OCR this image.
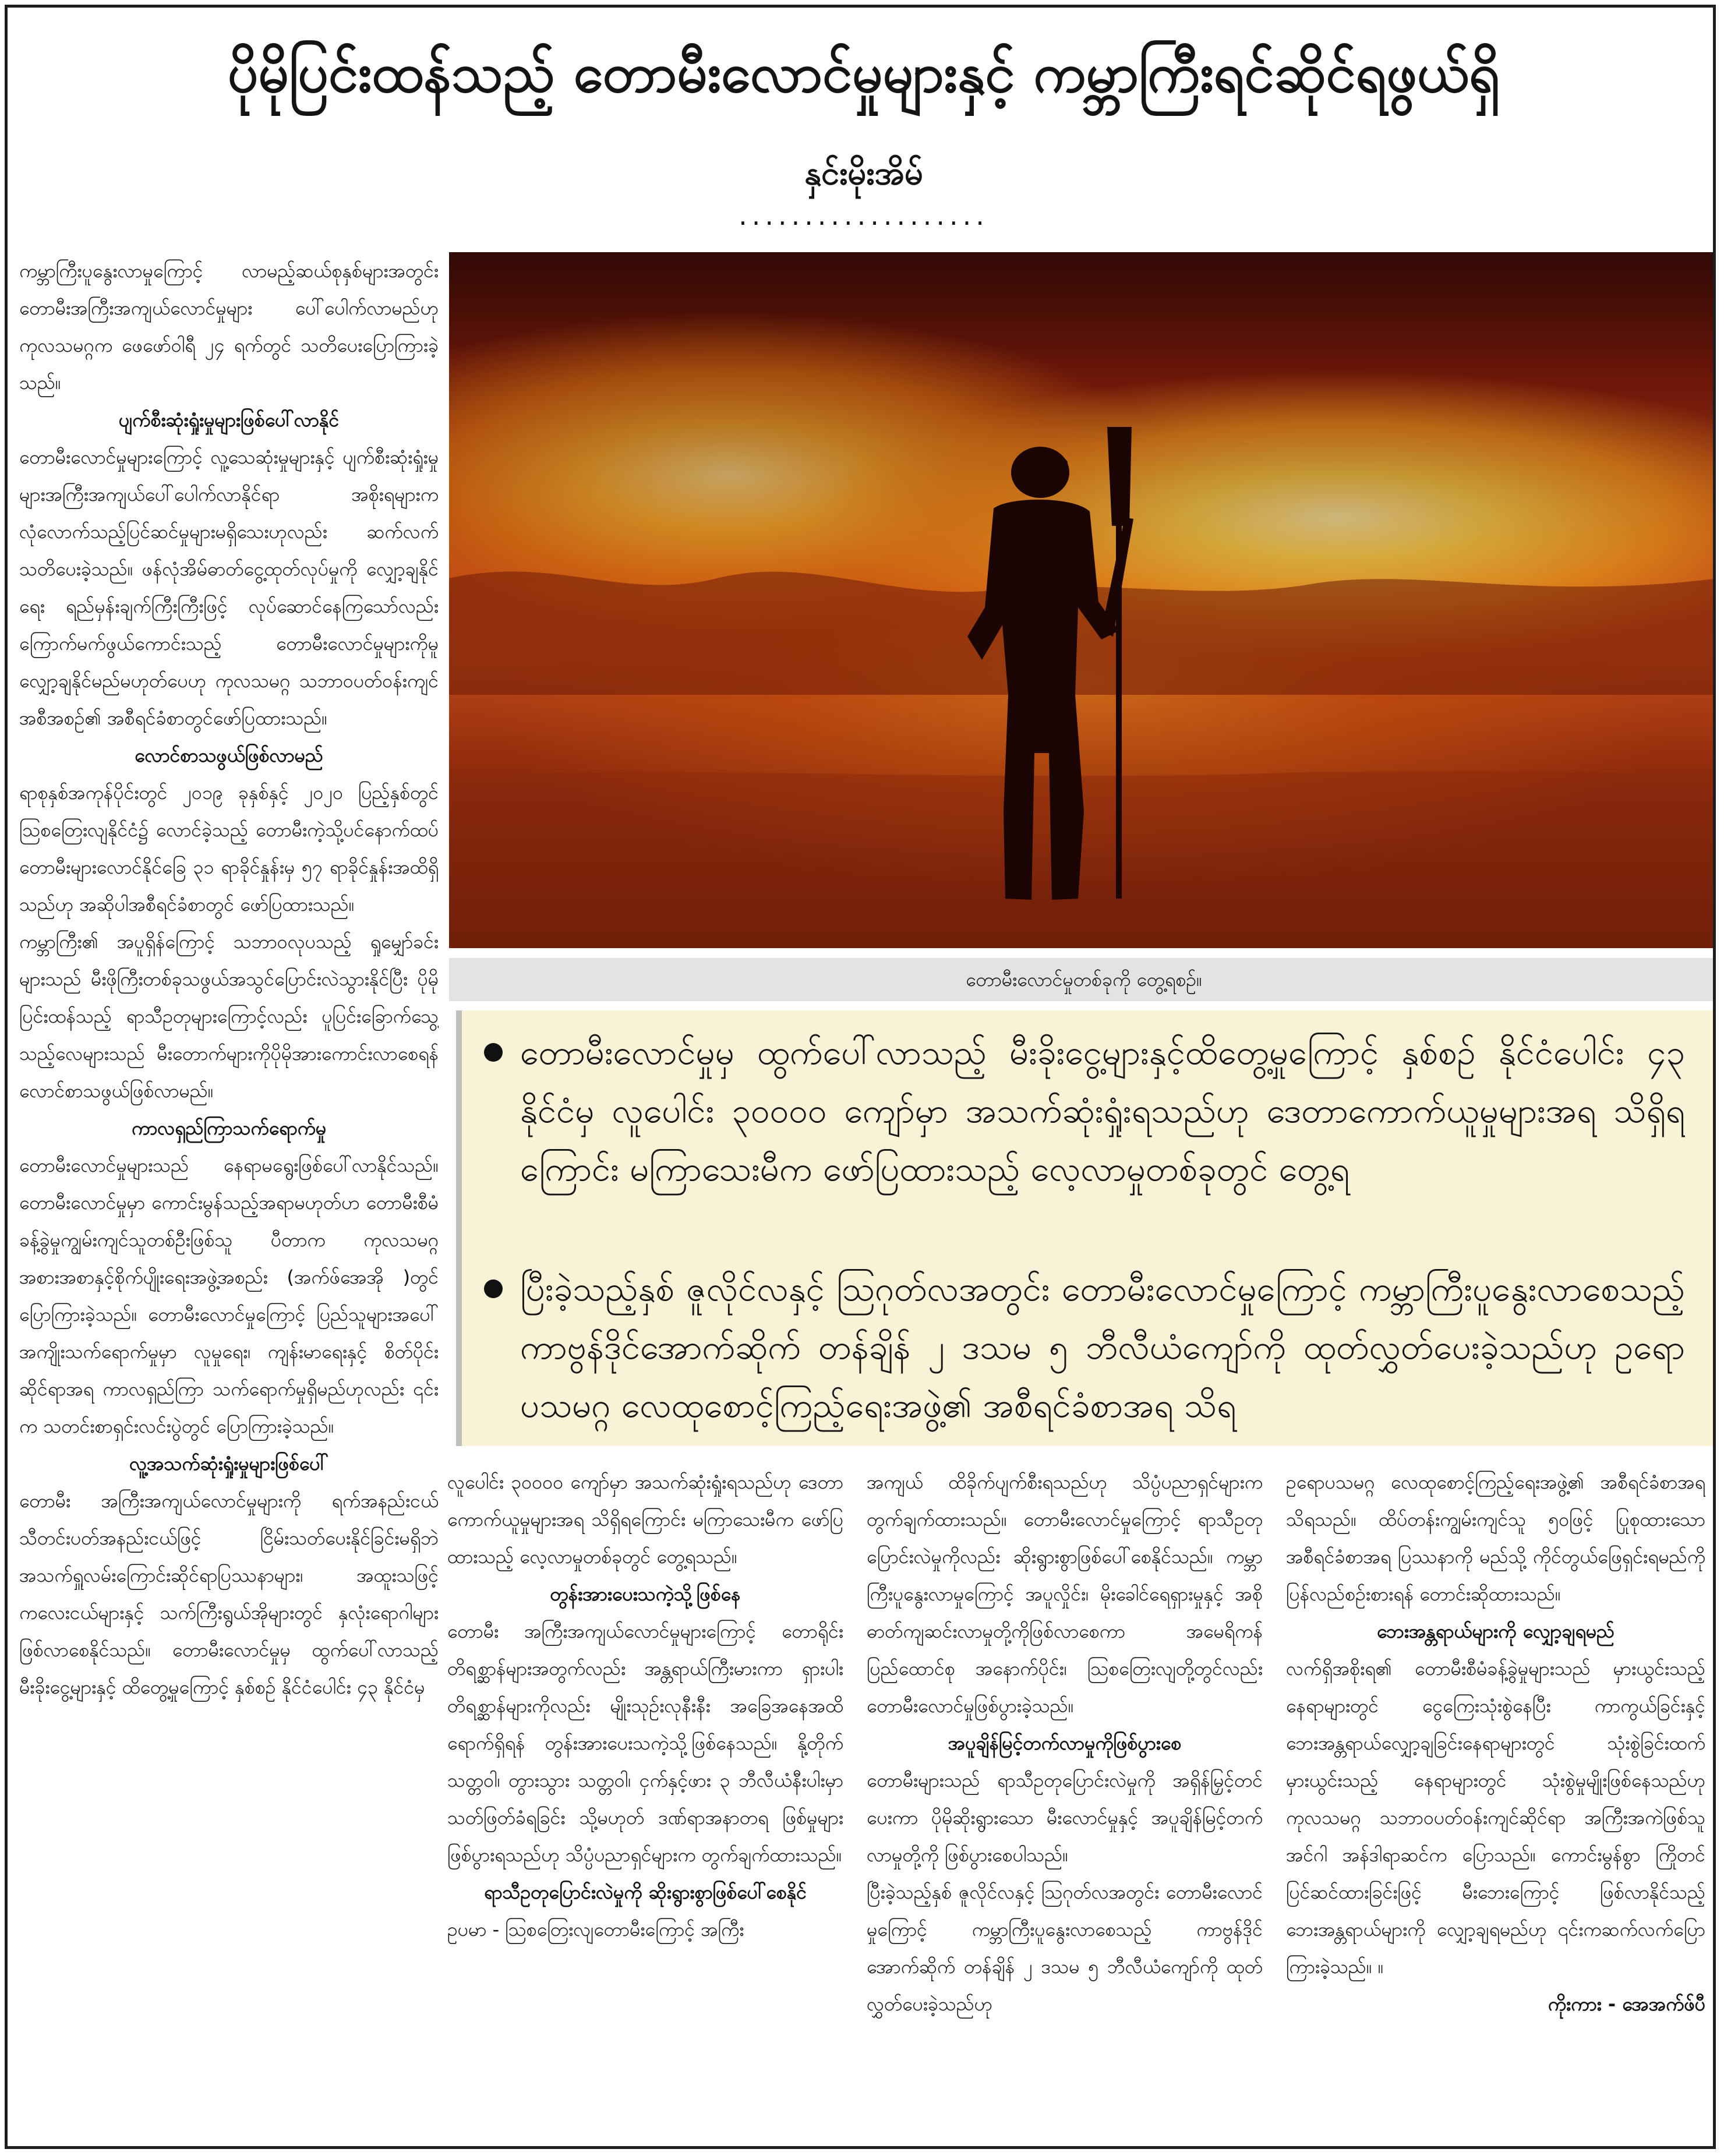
ပိုမိုပြင်းထန်သည့် တောမီးလောင်မှုများနှင့် ကမ္ဘာကြီးရင်ဆိုင်ရဖွယ်ရှိ
နှင်းမိုးအိမ်
...................

ကမ္ဘာကြီးပူနွေးလာမှုကြောင့် လာမည့်ဆယ်စုနှစ်များအတွင်း တောမီးအကြီးအကျယ်လောင်မှုများ ပေါ်ပေါက်လာမည်ဟု ကုလသမဂ္ဂက ဖေဖော်ဝါရီ ၂၄ ရက်တွင် သတိပေးပြောကြားခဲ့သည်။

ပျက်စီးဆုံးရှုံးမှုများဖြစ်ပေါ်လာနိုင်

တောမီးလောင်မှုများကြောင့် လူ့သေဆုံးမှုများနှင့် ပျက်စီးဆုံးရှုံးမှုများအကြီးအကျယ်ပေါ်ပေါက်လာနိုင်ရာ အစိုးရများက လုံလောက်သည့်ပြင်ဆင်မှုများမရှိသေးဟုလည်း ဆက်လက်သတိပေးခဲ့သည်။ ဖန်လုံအိမ်ဓာတ်ငွေ့ထုတ်လုပ်မှုကို လျှော့ချနိုင်ရေး ရည်မှန်းချက်ကြီးကြီးဖြင့် လုပ်ဆောင်နေကြသော်လည်း ကြောက်မက်ဖွယ်ကောင်းသည့် တောမီးလောင်မှုများကိုမူ လျှော့ချနိုင်မည်မဟုတ်ပေဟု ကုလသမဂ္ဂ သဘာဝပတ်ဝန်းကျင် အစီအစဉ်၏ အစီရင်ခံစာတွင်ဖော်ပြထားသည်။

လောင်စာသဖွယ်ဖြစ်လာမည်

ရာစုနှစ်အကုန်ပိုင်းတွင် ၂၀၁၉ ခုနှစ်နှင့် ၂၀၂၀ ပြည့်နှစ်တွင် ဩစတြေးလျနိုင်ငံ၌ လောင်ခဲ့သည့် တောမီးကဲ့သို့ပင်နောက်ထပ်တောမီးများလောင်နိုင်ခြေ ၃၁ ရာခိုင်နှုန်းမှ ၅၇ ရာခိုင်နှုန်းအထိရှိသည်ဟု အဆိုပါအစီရင်ခံစာတွင် ဖော်ပြထားသည်။

ကမ္ဘာကြီး၏ အပူရှိန်ကြောင့် သဘာဝလုပသည့် ရှုမျှော်ခင်းများသည် မီးဖိုကြီးတစ်ခုသဖွယ်အသွင်ပြောင်းလဲသွားနိုင်ပြီး ပိုမိုပြင်းထန်သည့် ရာသီဥတုများကြောင့်လည်း ပူပြင်းခြောက်သွေ့သည့်လေများသည် မီးတောက်များကိုပိုမိုအားကောင်းလာစေရန် လောင်စာသဖွယ်ဖြစ်လာမည်။

ကာလရှည်ကြာသက်ရောက်မှု

တောမီးလောင်မှုများသည် နေရာမရွေးဖြစ်ပေါ်လာနိုင်သည်။ တောမီးလောင်မှုမှာ ကောင်းမွန်သည့်အရာမဟုတ်ပာ တောမီးစီမံခန့်ခွဲမှုကျွမ်းကျင်သူတစ်ဦးဖြစ်သူ ပီတာက ကုလသမဂ္ဂ အစားအစာနှင့်စိုက်ပျိုးရေးအဖွဲ့အစည်း (အက်ဖ်အေအို )တွင် ပြောကြားခဲ့သည်။ တောမီးလောင်မှုကြောင့် ပြည်သူများအပေါ် အကျိုးသက်ရောက်မှုမှာ လူမှုရေး၊ ကျန်းမာရေးနှင့် စိတ်ပိုင်းဆိုင်ရာအရ ကာလရှည်ကြာ သက်ရောက်မှုရှိမည်ဟုလည်း ၎င်းက သတင်းစာရှင်းလင်းပွဲတွင် ပြောကြားခဲ့သည်။

လူ့အသက်ဆုံးရှုံးမှုများဖြစ်ပေါ်

တောမီး အကြီးအကျယ်လောင်မှုများကို ရက်အနည်းငယ် သီတင်းပတ်အနည်းငယ်ဖြင့် ငြိမ်းသတ်ပေးနိုင်ခြင်းမရှိဘဲ အသက်ရှူလမ်းကြောင်းဆိုင်ရာပြဿနာများ၊ အထူးသဖြင့် ကလေးငယ်များနှင့် သက်ကြီးရွယ်အိုများတွင် နှလုံးရောဂါများဖြစ်လာစေနိုင်သည်။ တောမီးလောင်မှုမှ ထွက်ပေါ်လာသည့် မီးခိုးငွေ့များနှင့် ထိတွေ့မှုကြောင့် နှစ်စဉ် နိုင်ငံပေါင်း ၄၃ နိုင်ငံမှ

တောမီးလောင်မှုတစ်ခုကို တွေ့ရစဉ်။
တောမီးလောင်မှုမှ ထွက်ပေါ်လာသည့် မီးခိုးငွေ့များနှင့်ထိတွေ့မှုကြောင့် နှစ်စဉ် နိုင်ငံပေါင်း ၄၃ နိုင်ငံမှ လူပေါင်း ၃၀၀၀၀ ကျော်မှာ အသက်ဆုံးရှုံးရသည်ဟု ဒေတာကောက်ယူမှုများအရ သိရှိရကြောင်း မကြာသေးမီက ဖော်ပြထားသည့် လေ့လာမှုတစ်ခုတွင် တွေ့ရ
ပြီးခဲ့သည့်နှစ် ဇူလိုင်လနှင့် ဩဂုတ်လအတွင်း တောမီးလောင်မှုကြောင့် ကမ္ဘာကြီးပူနွေးလာစေသည့် ကာဗွန်ဒိုင်အောက်ဆိုက် တန်ချိန် ၂ ဒသမ ၅ ဘီလီယံကျော်ကို ထုတ်လွှတ်ပေးခဲ့သည်ဟု ဥရောပသမဂ္ဂ လေထုစောင့်ကြည့်ရေးအဖွဲ့၏ အစီရင်ခံစာအရ သိရ

လူပေါင်း ၃၀၀၀၀ ကျော်မှာ အသက်ဆုံးရှုံးရသည်ဟု ဒေတာကောက်ယူမှုများအရ သိရှိရကြောင်း မကြာသေးမီက ဖော်ပြထားသည့် လေ့လာမှုတစ်ခုတွင် တွေ့ရသည်။

တွန်းအားပေးသကဲ့သို့ဖြစ်နေ

တောမီး အကြီးအကျယ်လောင်မှုများကြောင့် တောရိုင်းတိရစ္ဆာန်များအတွက်လည်း အန္တရာယ်ကြီးမားကာ ရှားပါးတိရစ္ဆာန်များကိုလည်း မျိုးသုဉ်းလုနီးနီး အခြေအနေအထိ ရောက်ရှိရန် တွန်းအားပေးသကဲ့သို့ဖြစ်နေသည်။ နို့တိုက်သတ္တဝါ၊ တွားသွား သတ္တဝါ၊ ငှက်နှင့်ဖား ၃ ဘီလီယံနီးပါးမှာ သတ်ဖြတ်ခံရခြင်း သို့မဟုတ် ဒဏ်ရာအနာတရ ဖြစ်မှုများ ဖြစ်ပွားရသည်ဟု သိပ္ပံပညာရှင်များက တွက်ချက်ထားသည်။

ရာသီဥတုပြောင်းလဲမှုကို ဆိုးရွားစွာဖြစ်ပေါ်စေနိုင်

ဥပမာ - ဩစတြေးလျတောမီးကြောင့် အကြီး

အကျယ် ထိခိုက်ပျက်စီးရသည်ဟု သိပ္ပံပညာရှင်များက တွက်ချက်ထားသည်။ တောမီးလောင်မှုကြောင့် ရာသီဥတုပြောင်းလဲမှုကိုလည်း ဆိုးရွားစွာဖြစ်ပေါ်စေနိုင်သည်။ ကမ္ဘာကြီးပူနွေးလာမှုကြောင့် အပူလှိုင်း၊ မိုးခေါင်ရေရှားမှုနှင့် အစိုဓာတ်ကျဆင်းလာမှုတို့ကိုဖြစ်လာစေကာ အမေရိကန်ပြည်ထောင်စု အနောက်ပိုင်း၊ ဩစတြေးလျတို့တွင်လည်း တောမီးလောင်မှုဖြစ်ပွားခဲ့သည်။

အပူချိန်မြင့်တက်လာမှုကိုဖြစ်ပွားစေ

တောမီးများသည် ရာသီဥတုပြောင်းလဲမှုကို အရှိန်မြှင့်တင်ပေးကာ ပိုမိုဆိုးရွားသော မီးလောင်မှုနှင့် အပူချိန်မြင့်တက်လာမှုတို့ကို ဖြစ်ပွားစေပါသည်။

ပြီးခဲ့သည့်နှစ် ဇူလိုင်လနှင့် ဩဂုတ်လအတွင်း တောမီးလောင်မှုကြောင့် ကမ္ဘာကြီးပူနွေးလာစေသည့် ကာဗွန်ဒိုင်အောက်ဆိုက် တန်ချိန် ၂ ဒသမ ၅ ဘီလီယံကျော်ကို ထုတ်လွှတ်ပေးခဲ့သည်ဟု

ဥရောပသမဂ္ဂ လေထုစောင့်ကြည့်ရေးအဖွဲ့၏ အစီရင်ခံစာအရ သိရသည်။ ထိပ်တန်းကျွမ်းကျင်သူ ၅၀ဖြင့် ပြုစုထားသော အစီရင်ခံစာအရ ပြဿနာကို မည်သို့ ကိုင်တွယ်ဖြေရှင်းရမည်ကို ပြန်လည်စဉ်းစားရန် တောင်းဆိုထားသည်။

ဘေးအန္တရာယ်များကို လျှော့ချရမည်

လက်ရှိအစိုးရ၏ တောမီးစီမံခန့်ခွဲမှုများသည် မှားယွင်းသည့်နေရာများတွင် ငွေကြေးသုံးစွဲနေပြီး ကာကွယ်ခြင်းနှင့် ဘေးအန္တရာယ်လျှော့ချခြင်းနေရာများတွင် သုံးစွဲခြင်းထက် မှားယွင်းသည့် နေရာများတွင် သုံးစွဲမှုမျိုးဖြစ်နေသည်ဟု ကုလသမဂ္ဂ သဘာဝပတ်ဝန်းကျင်ဆိုင်ရာ အကြီးအကဲဖြစ်သူ အင်ဂါ အန်ဒါရာဆင်က ပြောသည်။ ကောင်းမွန်စွာ ကြိုတင်ပြင်ဆင်ထားခြင်းဖြင့် မီးဘေးကြောင့် ဖြစ်လာနိုင်သည့် ဘေးအန္တရာယ်များကို လျှော့ချရမည်ဟု ၎င်းကဆက်လက်ပြောကြားခဲ့သည်။ ။

ကိုးကား - အေအက်ဖ်ပီ
